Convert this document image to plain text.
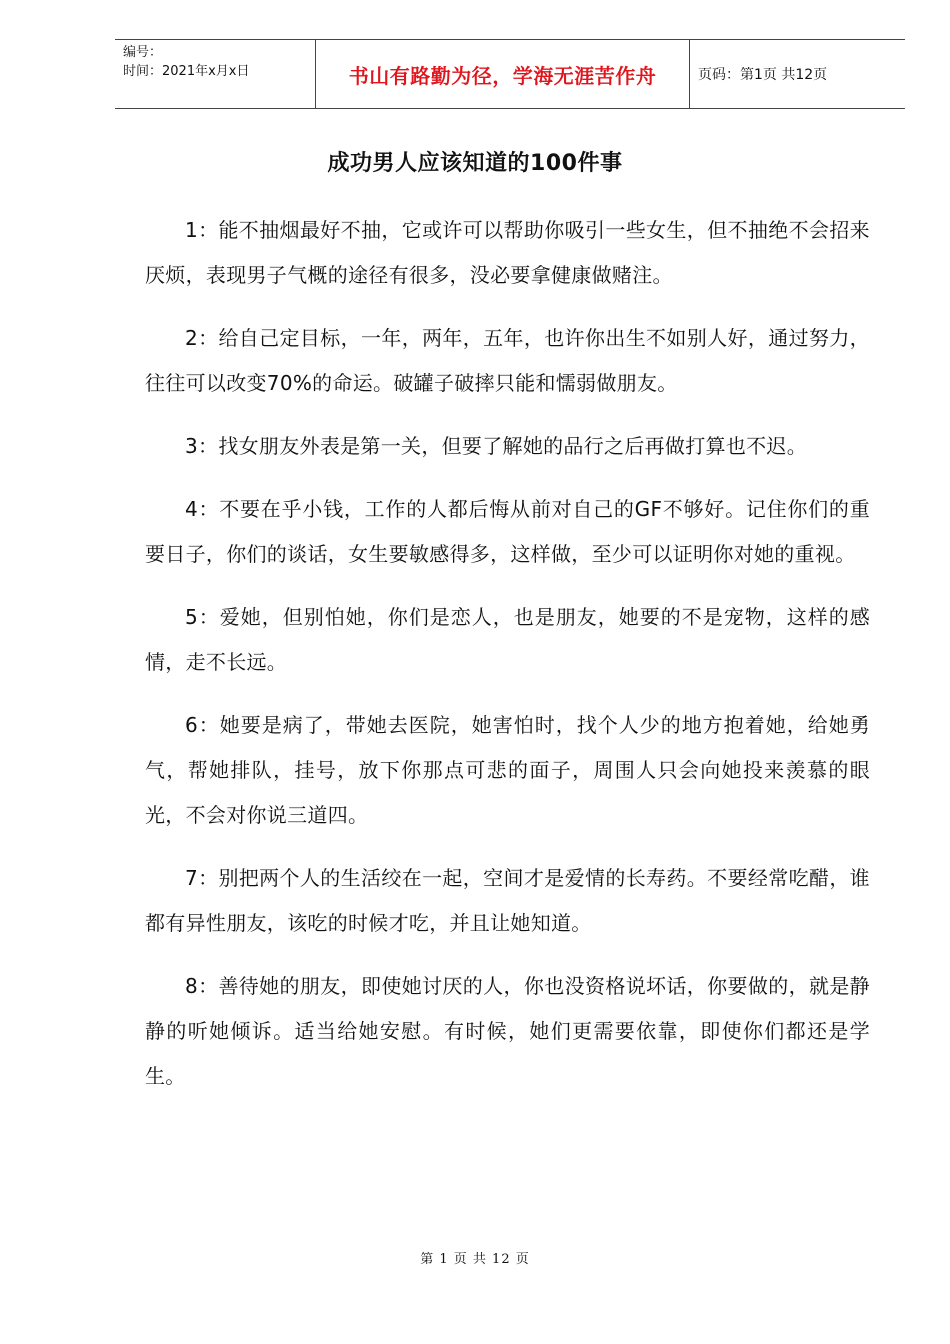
编号：
时间：2021年x月x日	书山有路勤为径，学海无涯苦作舟	页码：第1页 共12页
成功男人应该知道的100件事

1：能不抽烟最好不抽，它或许可以帮助你吸引一些女生，但不抽绝不会招来厌烦，表现男子气概的途径有很多，没必要拿健康做赌注。

2：给自己定目标，一年，两年，五年，也许你出生不如别人好，通过努力，往往可以改变70%的命运。破罐子破摔只能和懦弱做朋友。

3：找女朋友外表是第一关，但要了解她的品行之后再做打算也不迟。

4：不要在乎小钱，工作的人都后悔从前对自己的GF不够好。记住你们的重要日子，你们的谈话，女生要敏感得多，这样做，至少可以证明你对她的重视。

5：爱她，但别怕她，你们是恋人，也是朋友，她要的不是宠物，这样的感情，走不长远。

6：她要是病了，带她去医院，她害怕时，找个人少的地方抱着她，给她勇气，帮她排队，挂号，放下你那点可悲的面子，周围人只会向她投来羡慕的眼光，不会对你说三道四。

7：别把两个人的生活绞在一起，空间才是爱情的长寿药。不要经常吃醋，谁都有异性朋友，该吃的时候才吃，并且让她知道。

8：善待她的朋友，即使她讨厌的人，你也没资格说坏话，你要做的，就是静静的听她倾诉。适当给她安慰。有时候，她们更需要依靠，即使你们都还是学生。

第 1 页 共 12 页
